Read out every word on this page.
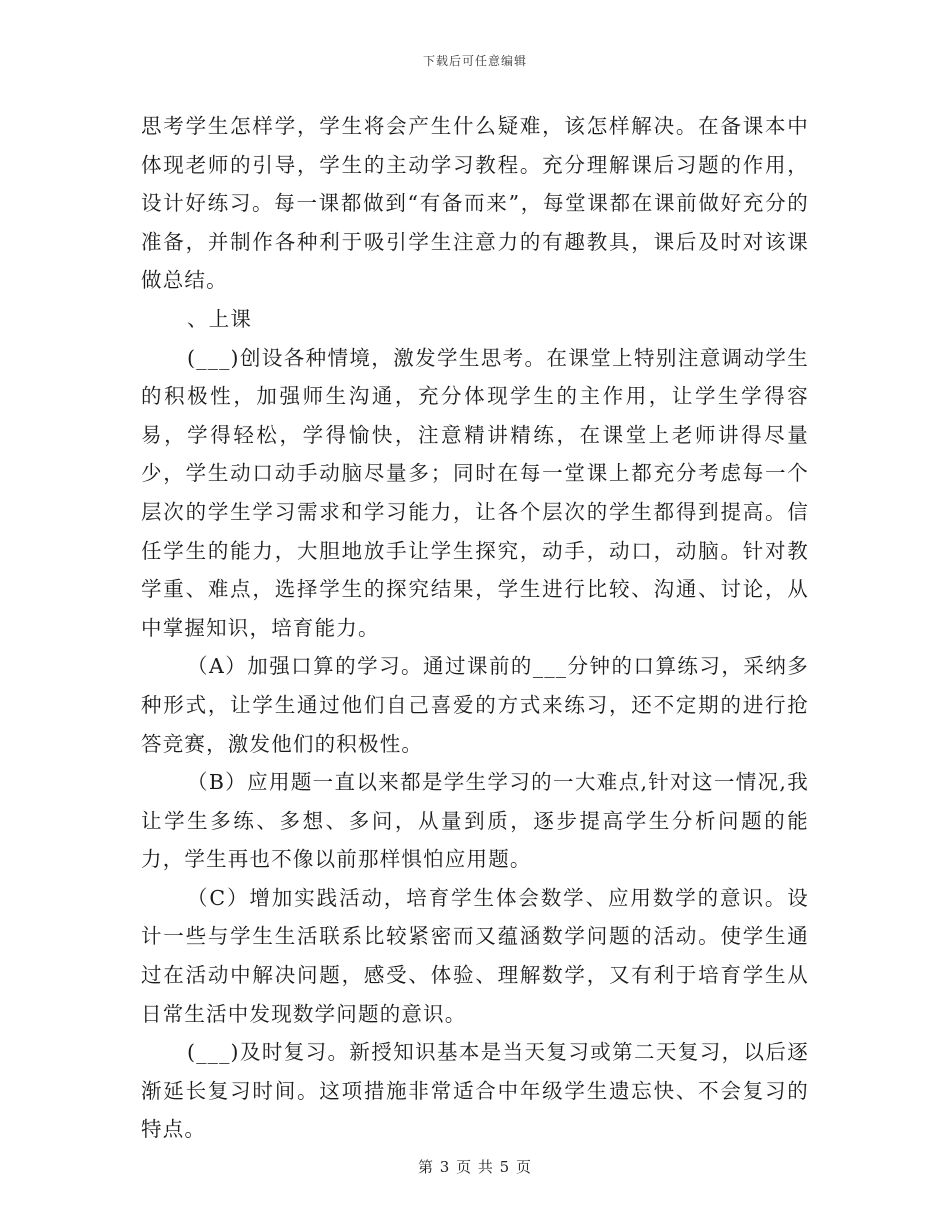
下载后可任意编辑

思考学生怎样学，学生将会产生什么疑难，该怎样解决。在备课本中体现老师的引导，学生的主动学习教程。充分理解课后习题的作用，设计好练习。每一课都做到“有备而来”，每堂课都在课前做好充分的准备，并制作各种利于吸引学生注意力的有趣教具，课后及时对该课做总结。

、上课

(___)创设各种情境，激发学生思考。在课堂上特别注意调动学生的积极性，加强师生沟通，充分体现学生的主作用，让学生学得容易，学得轻松，学得愉快，注意精讲精练，在课堂上老师讲得尽量少，学生动口动手动脑尽量多；同时在每一堂课上都充分考虑每一个层次的学生学习需求和学习能力，让各个层次的学生都得到提高。信任学生的能力，大胆地放手让学生探究，动手，动口，动脑。针对教学重、难点，选择学生的探究结果，学生进行比较、沟通、讨论，从中掌握知识，培育能力。

（A）加强口算的学习。通过课前的___分钟的口算练习，采纳多种形式，让学生通过他们自己喜爱的方式来练习，还不定期的进行抢答竞赛，激发他们的积极性。

（B）应用题一直以来都是学生学习的一大难点,针对这一情况,我让学生多练、多想、多问，从量到质，逐步提高学生分析问题的能力，学生再也不像以前那样惧怕应用题。

（C）增加实践活动，培育学生体会数学、应用数学的意识。设计一些与学生生活联系比较紧密而又蕴涵数学问题的活动。使学生通过在活动中解决问题，感受、体验、理解数学，又有利于培育学生从日常生活中发现数学问题的意识。

(___)及时复习。新授知识基本是当天复习或第二天复习，以后逐渐延长复习时间。这项措施非常适合中年级学生遗忘快、不会复习的特点。

第 3 页 共 5 页
